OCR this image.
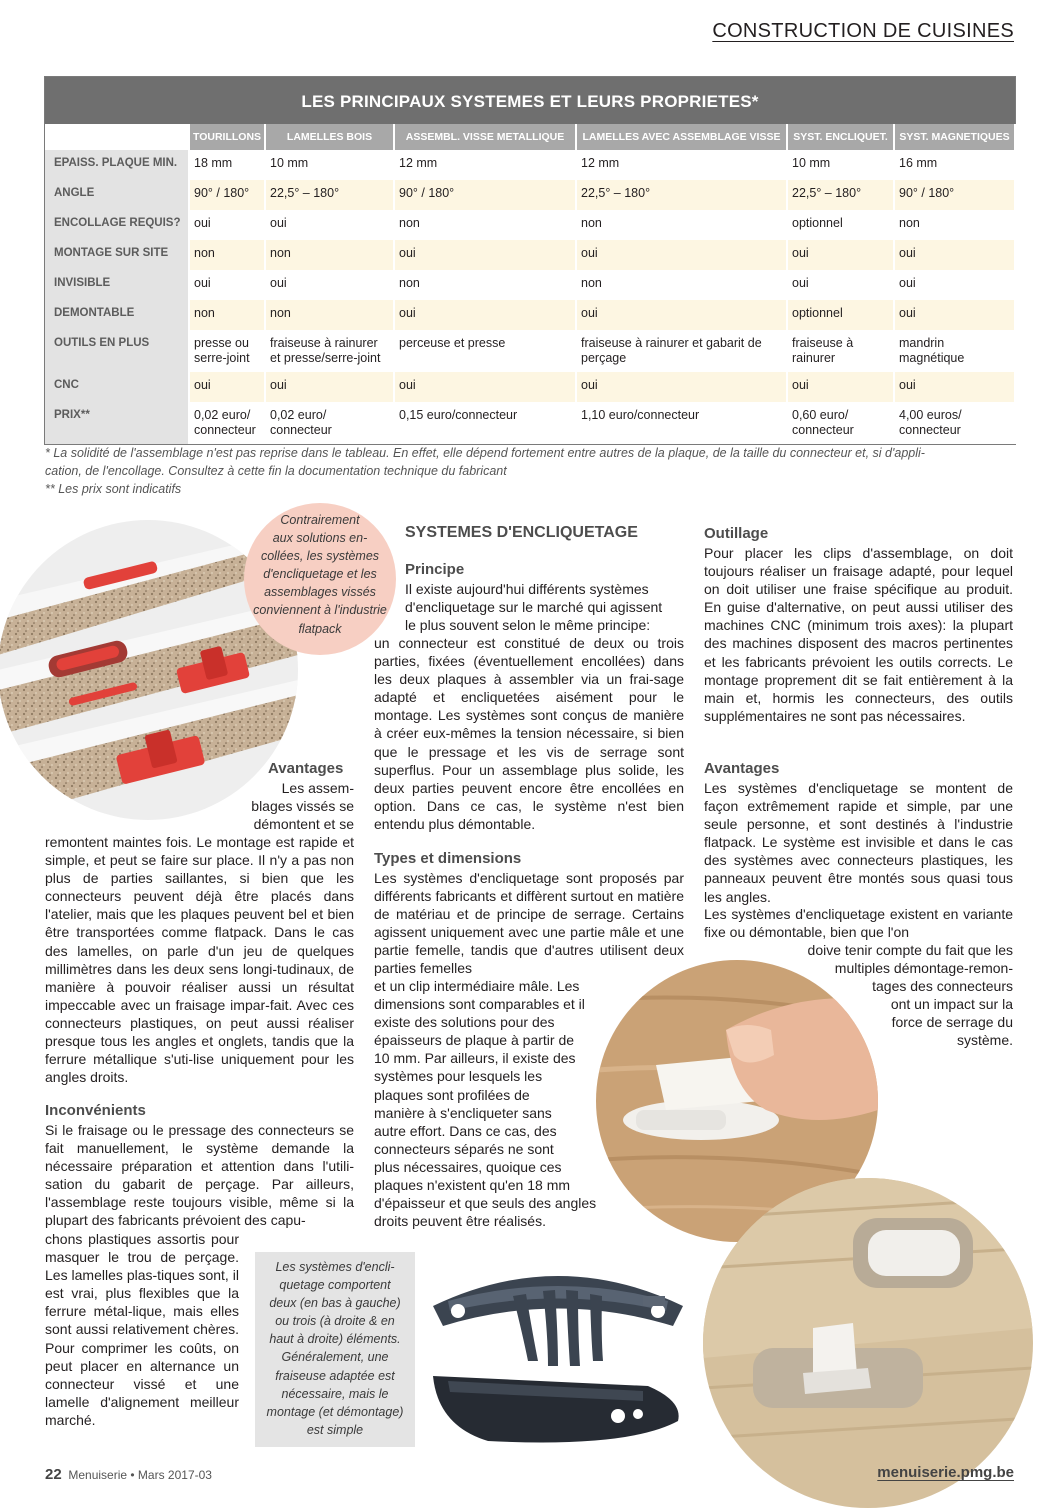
CONSTRUCTION DE CUISINES
LES PRINCIPAUX SYSTEMES ET LEURS PROPRIETES*
	TOURILLONS	LAMELLES BOIS	ASSEMBL. VISSE METALLIQUE	LAMELLES AVEC ASSEMBLAGE VISSE	SYST. ENCLIQUET.	SYST. MAGNETIQUES
EPAISS. PLAQUE MIN.	18 mm	10 mm	12 mm	12 mm	10 mm	16 mm
ANGLE	90° / 180°	22,5° – 180°	90° / 180°	22,5° – 180°	22,5° – 180°	90° / 180°
ENCOLLAGE REQUIS?	oui	oui	non	non	optionnel	non
MONTAGE SUR SITE	non	non	oui	oui	oui	oui
INVISIBLE	oui	oui	non	non	oui	oui
DEMONTABLE	non	non	oui	oui	optionnel	oui
OUTILS EN PLUS	presse ou serre-joint	fraiseuse à rainurer et presse/serre-joint	perceuse et presse	fraiseuse à rainurer et gabarit de perçage	fraiseuse à rainurer	mandrin magnétique
CNC	oui	oui	oui	oui	oui	oui
PRIX**	0,02 euro/ connecteur	0,02 euro/ connecteur	0,15 euro/connecteur	1,10 euro/connecteur	0,60 euro/ connecteur	4,00 euros/ connecteur
* La solidité de l'assemblage n'est pas reprise dans le tableau. En effet, elle dépend fortement entre autres de la plaque, de la taille du connecteur et, si d'appli-
cation, de l'encollage. Consultez à cette fin la documentation technique du fabricant
** Les prix sont indicatifs
Contrairement
aux solutions en-
collées, les systèmes
d'encliquetage et les
assemblages vissés
conviennent à l'industrie
flatpack
Avantages
Les assem-
blages vissés se
démontent et se
remontent maintes fois. Le montage est rapide et simple, et peut se faire sur place. Il n'y a pas non plus de parties saillantes, si bien que les connecteurs peuvent déjà être placés dans l'atelier, mais que les plaques peuvent bel et bien être transportées comme flatpack. Dans le cas des lamelles, on parle d'un jeu de quelques millimètres dans les deux sens longi-tudinaux, de manière à pouvoir réaliser aussi un résultat impeccable avec un fraisage impar-fait. Avec ces connecteurs plastiques, on peut aussi réaliser presque tous les angles et onglets, tandis que la ferrure métallique s'uti-lise uniquement pour les angles droits.
Inconvénients
Si le fraisage ou le pressage des connecteurs se fait manuellement, le système demande la nécessaire préparation et attention dans l'utili-sation du gabarit de perçage. Par ailleurs, l'assemblage reste toujours visible, même si la plupart des fabricants prévoient des capu-
chons plastiques assortis pour masquer le trou de perçage. Les lamelles plas-tiques sont, il est vrai, plus flexibles que la ferrure métal-lique, mais elles sont aussi relativement chères. Pour comprimer les coûts, on peut placer en alternance un connecteur vissé et une lamelle d'alignement meilleur marché.
SYSTEMES D'ENCLIQUETAGE
Principe
Il existe aujourd'hui différents systèmes
d'encliquetage sur le marché qui agissent
le plus souvent selon le même principe:
un connecteur est constitué de deux ou trois parties, fixées (éventuellement encollées) dans les deux plaques à assembler via un frai-sage adapté et encliquetées aisément pour le montage. Les systèmes sont conçus de manière à créer eux-mêmes la tension nécessaire, si bien que le pressage et les vis de serrage sont superflus. Pour un assemblage plus solide, les deux parties peuvent encore être encollées en option. Dans ce cas, le système n'est bien entendu plus démontable.
Types et dimensions
Les systèmes d'encliquetage sont proposés par différents fabricants et diffèrent surtout en matière de matériau et de principe de serrage. Certains agissent uniquement avec une partie mâle et une partie femelle, tandis que d'autres utilisent deux parties femelles
et un clip intermédiaire mâle. Les
dimensions sont comparables et il
existe des solutions pour des
épaisseurs de plaque à partir de
10 mm. Par ailleurs, il existe des
systèmes pour lesquels les
plaques sont profilées de
manière à s'encliqueter sans
autre effort. Dans ce cas, des
connecteurs séparés ne sont
plus nécessaires, quoique ces
plaques n'existent qu'en 18 mm
d'épaisseur et que seuls des angles
droits peuvent être réalisés.
Outillage
Pour placer les clips d'assemblage, on doit toujours réaliser un fraisage adapté, pour lequel on doit utiliser une fraise spécifique au produit. En guise d'alternative, on peut aussi utiliser des machines CNC (minimum trois axes): la plupart des machines disposent des macros pertinentes et les fabricants prévoient les outils corrects. Le montage proprement dit se fait entièrement à la main et, hormis les connecteurs, des outils supplémentaires ne sont pas nécessaires.
Avantages
Les systèmes d'encliquetage se montent de façon extrêmement rapide et simple, par une seule personne, et sont destinés à l'industrie flatpack. Le système est invisible et dans le cas des systèmes avec connecteurs plastiques, les panneaux peuvent être montés sous quasi tous les angles.
Les systèmes d'encliquetage existent en variante fixe ou démontable, bien que l'on
doive tenir compte du fait que les
multiples démontage-remon-
tages des connecteurs
ont un impact sur la
force de serrage du
système.
Les systèmes d'encli-
quetage comportent
deux (en bas à gauche)
ou trois (à droite & en
haut à droite) éléments.
Généralement, une
fraiseuse adaptée est
nécessaire, mais le
montage (et démontage)
est simple
22 Menuiserie • Mars 2017-03	menuiserie.pmg.be
